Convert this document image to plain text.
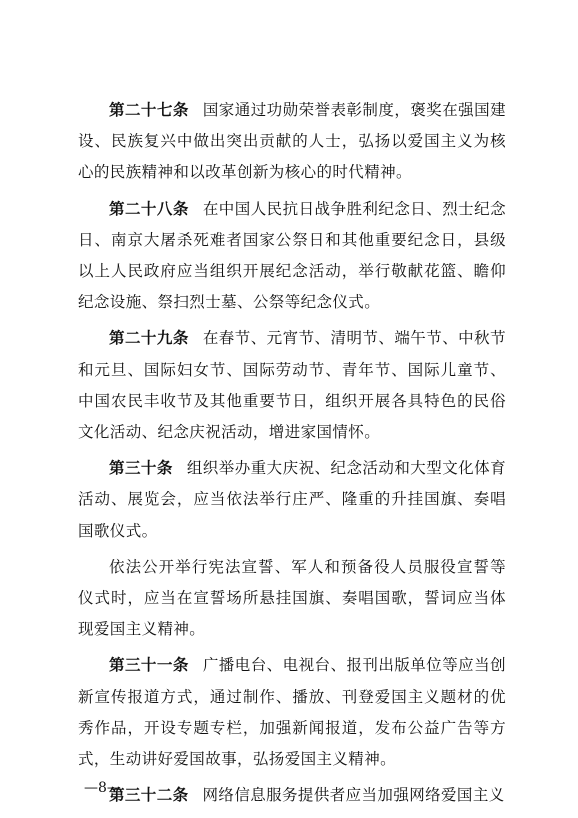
第二十七条 国家通过功勋荣誉表彰制度，褒奖在强国建设、民族复兴中做出突出贡献的人士，弘扬以爱国主义为核心的民族精神和以改革创新为核心的时代精神。

第二十八条 在中国人民抗日战争胜利纪念日、烈士纪念日、南京大屠杀死难者国家公祭日和其他重要纪念日，县级以上人民政府应当组织开展纪念活动，举行敬献花篮、瞻仰纪念设施、祭扫烈士墓、公祭等纪念仪式。

第二十九条 在春节、元宵节、清明节、端午节、中秋节和元旦、国际妇女节、国际劳动节、青年节、国际儿童节、中国农民丰收节及其他重要节日，组织开展各具特色的民俗文化活动、纪念庆祝活动，增进家国情怀。

第三十条 组织举办重大庆祝、纪念活动和大型文化体育活动、展览会，应当依法举行庄严、隆重的升挂国旗、奏唱国歌仪式。

依法公开举行宪法宣誓、军人和预备役人员服役宣誓等仪式时，应当在宣誓场所悬挂国旗、奏唱国歌，誓词应当体现爱国主义精神。

第三十一条 广播电台、电视台、报刊出版单位等应当创新宣传报道方式，通过制作、播放、刊登爱国主义题材的优秀作品，开设专题专栏，加强新闻报道，发布公益广告等方式，生动讲好爱国故事，弘扬爱国主义精神。

第三十二条 网络信息服务提供者应当加强网络爱国主义

—8—
